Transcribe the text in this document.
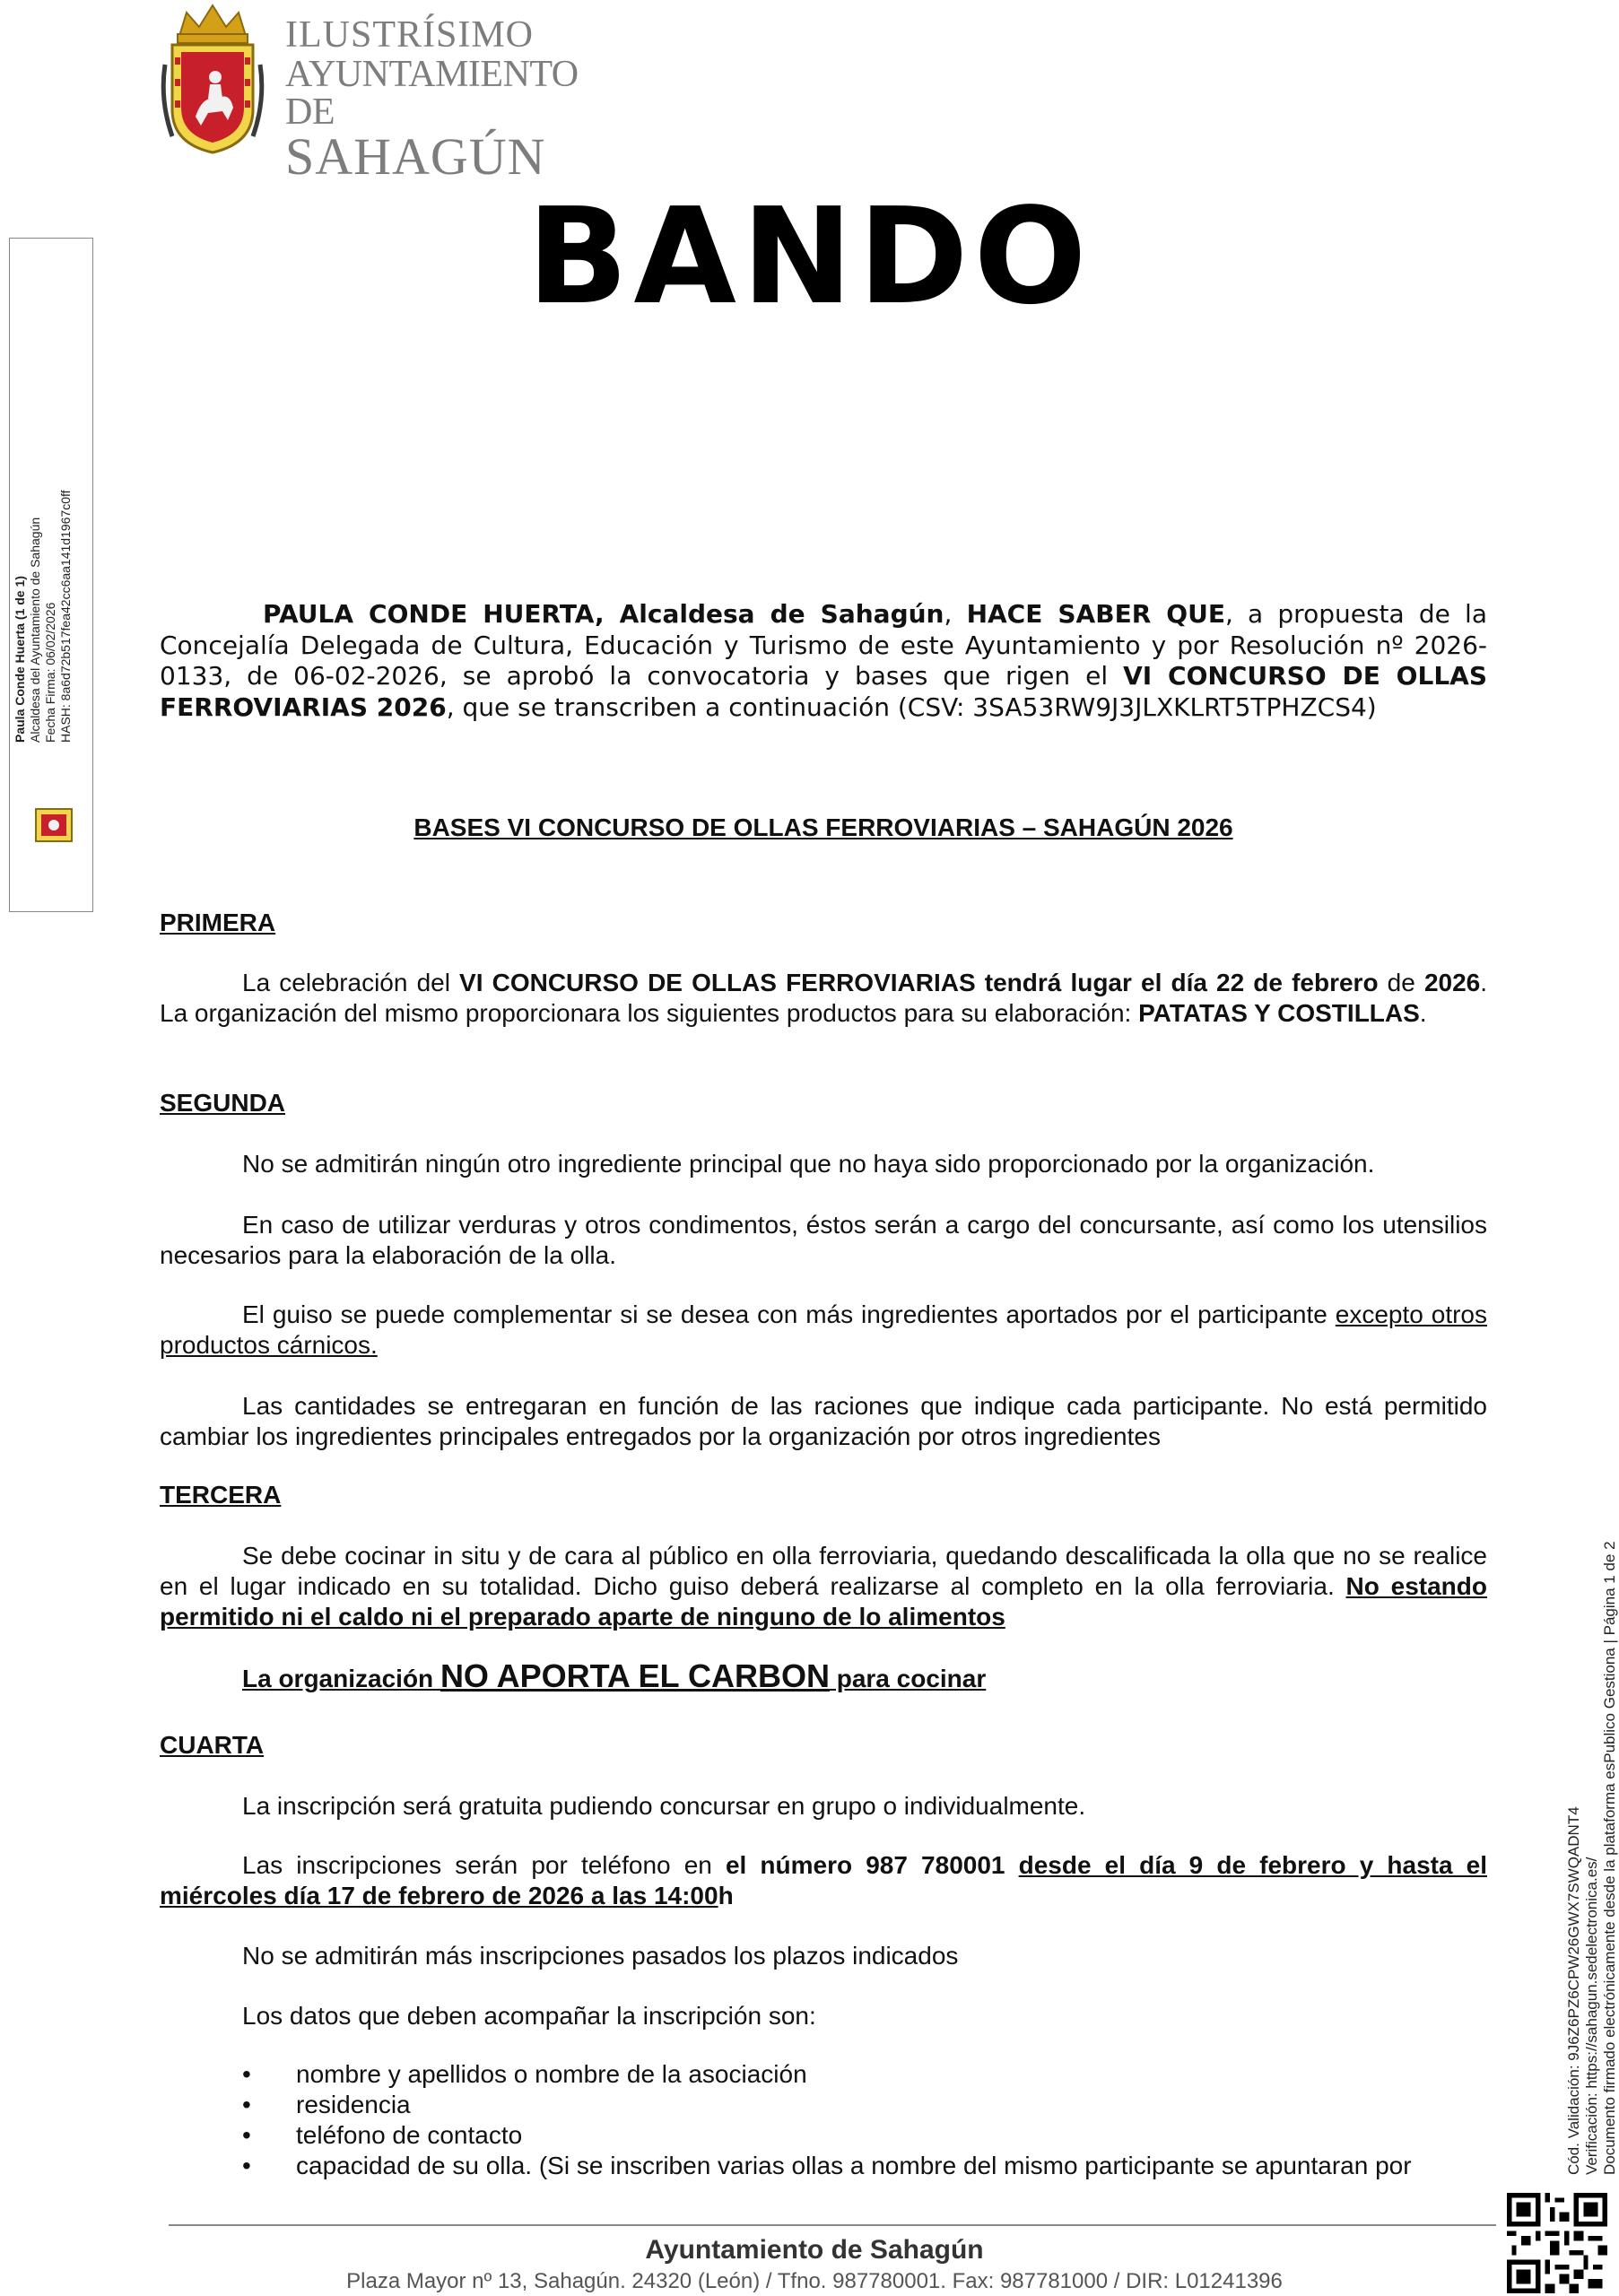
ILUSTRÍSIMO
AYUNTAMIENTO DE
SAHAGÚN
BANDO
Paula Conde Huerta (1 de 1) Alcaldesa del Ayuntamiento de Sahagún Fecha Firma: 06/02/2026 HASH: 8a6d72b517fea42cc6aa141d1967c0ff
Cód. Validación: 9J6Z6PZ6CPW26GWX7SWQADNT4 Verificación: https://sahagun.sedelectronica.es/ Documento firmado electrónicamente desde la plataforma esPublico Gestiona | Página 1 de 2

PAULA CONDE HUERTA, Alcaldesa de Sahagún, HACE SABER QUE, a propuesta de la Concejalía Delegada de Cultura, Educación y Turismo de este Ayuntamiento y por Resolución nº 2026-0133, de 06-02-2026, se aprobó la convocatoria y bases que rigen el VI CONCURSO DE OLLAS FERROVIARIAS 2026, que se transcriben a continuación (CSV: 3SA53RW9J3JLXKLRT5TPHZCS4)

BASES VI CONCURSO DE OLLAS FERROVIARIAS – SAHAGÚN 2026

PRIMERA

La celebración del VI CONCURSO DE OLLAS FERROVIARIAS tendrá lugar el día 22 de febrero de 2026. La organización del mismo proporcionara los siguientes productos para su elaboración: PATATAS Y COSTILLAS.

SEGUNDA

No se admitirán ningún otro ingrediente principal que no haya sido proporcionado por la organización.

En caso de utilizar verduras y otros condimentos, éstos serán a cargo del concursante, así como los utensilios necesarios para la elaboración de la olla.

El guiso se puede complementar si se desea con más ingredientes aportados por el participante excepto otros productos cárnicos.

Las cantidades se entregaran en función de las raciones que indique cada participante. No está permitido cambiar los ingredientes principales entregados por la organización por otros ingredientes

TERCERA

Se debe cocinar in situ y de cara al público en olla ferroviaria, quedando descalificada la olla que no se realice en el lugar indicado en su totalidad. Dicho guiso deberá realizarse al completo en la olla ferroviaria. No estando permitido ni el caldo ni el preparado aparte de ninguno de lo alimentos

La organización NO APORTA EL CARBON para cocinar

CUARTA

La inscripción será gratuita pudiendo concursar en grupo o individualmente.

Las inscripciones serán por teléfono en el número 987 780001 desde el día 9 de febrero y hasta el miércoles día 17 de febrero de 2026 a las 14:00h

No se admitirán más inscripciones pasados los plazos indicados

Los datos que deben acompañar la inscripción son:

• nombre y apellidos o nombre de la asociación
• residencia
• teléfono de contacto
• capacidad de su olla. (Si se inscriben varias ollas a nombre del mismo participante se apuntaran por

Ayuntamiento de Sahagún

Plaza Mayor nº 13, Sahagún. 24320 (León) / Tfno. 987780001. Fax: 987781000 / DIR: L01241396
